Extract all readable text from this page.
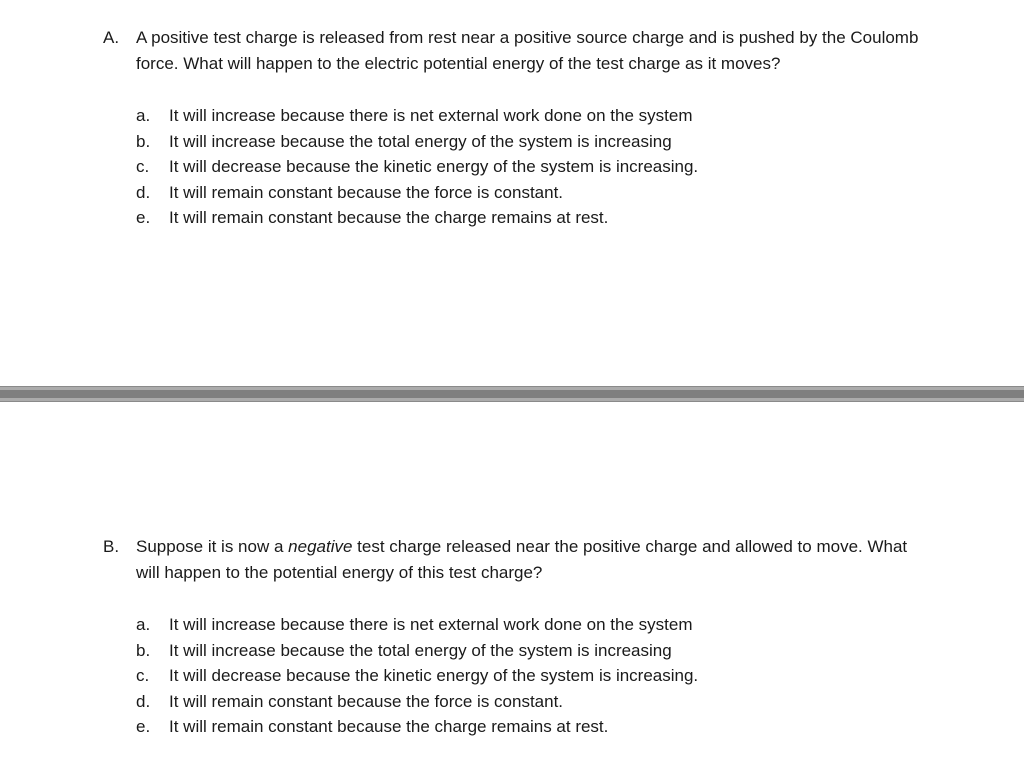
A. A positive test charge is released from rest near a positive source charge and is pushed by the Coulomb force. What will happen to the electric potential energy of the test charge as it moves?
a.	It will increase because there is net external work done on the system
b.	It will increase because the total energy of the system is increasing
c.	It will decrease because the kinetic energy of the system is increasing.
d.	It will remain constant because the force is constant.
e.	It will remain constant because the charge remains at rest.
B. Suppose it is now a negative test charge released near the positive charge and allowed to move. What will happen to the potential energy of this test charge?
a.	It will increase because there is net external work done on the system
b.	It will increase because the total energy of the system is increasing
c.	It will decrease because the kinetic energy of the system is increasing.
d.	It will remain constant because the force is constant.
e.	It will remain constant because the charge remains at rest.
